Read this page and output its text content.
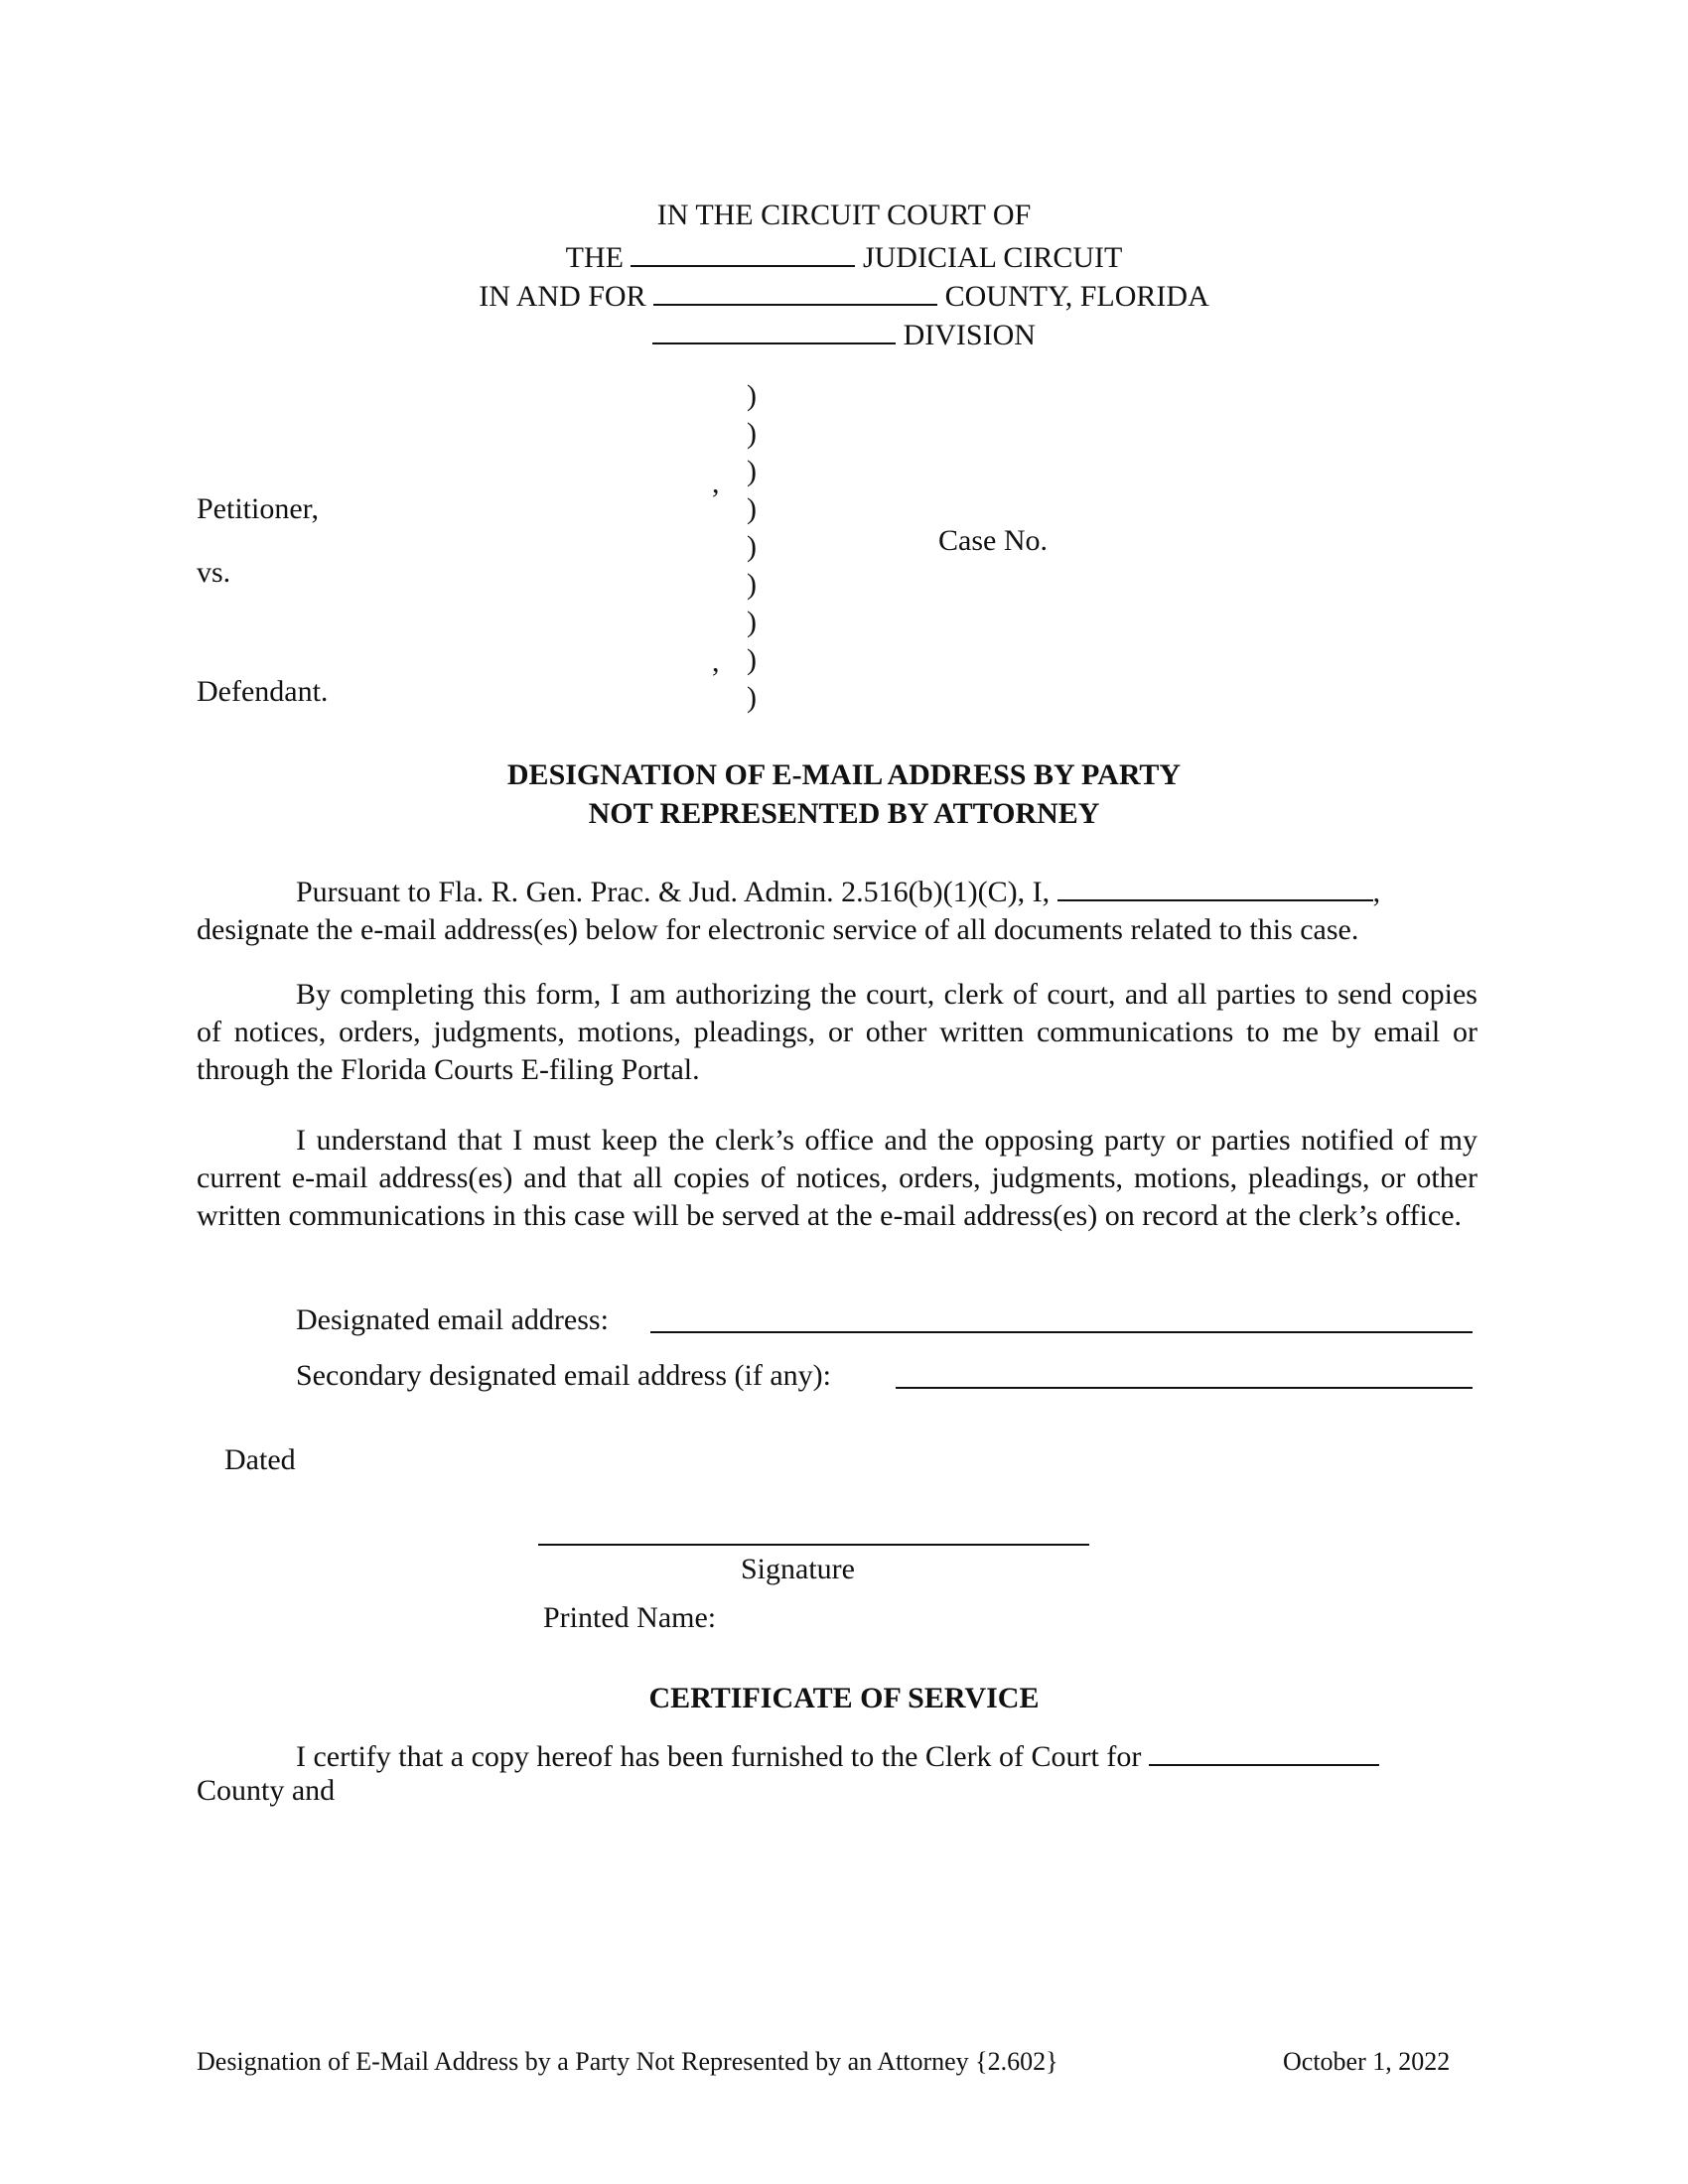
IN THE CIRCUIT COURT OF
THE	JUDICIAL CIRCUIT
IN AND FOR	COUNTY, FLORIDA
DIVISION
Petitioner,
vs.
Defendant.
,
,
Case No.
)
)
)
)
)
)
)
)
)
DESIGNATION OF E-MAIL ADDRESS BY PARTY
NOT REPRESENTED BY ATTORNEY
Pursuant to Fla. R. Gen. Prac. & Jud. Admin. 2.516(b)(1)(C), I,	,
designate the e-mail address(es) below for electronic service of all documents related to this case.
By completing this form, I am authorizing the court, clerk of court, and all parties to send copies of notices, orders, judgments, motions, pleadings, or other written communications to me by email or through the Florida Courts E-filing Portal.
I understand that I must keep the clerk’s office and the opposing party or parties notified of my current e-mail address(es) and that all copies of notices, orders, judgments, motions, pleadings, or other written communications in this case will be served at the e-mail address(es) on record at the clerk’s office.
Designated email address:
Secondary designated email address (if any):
Dated
Signature
Printed Name:
CERTIFICATE OF SERVICE
I certify that a copy hereof has been furnished to the Clerk of Court for
County and
Designation of E-Mail Address by a Party Not Represented by an Attorney {2.602}	October 1, 2022
